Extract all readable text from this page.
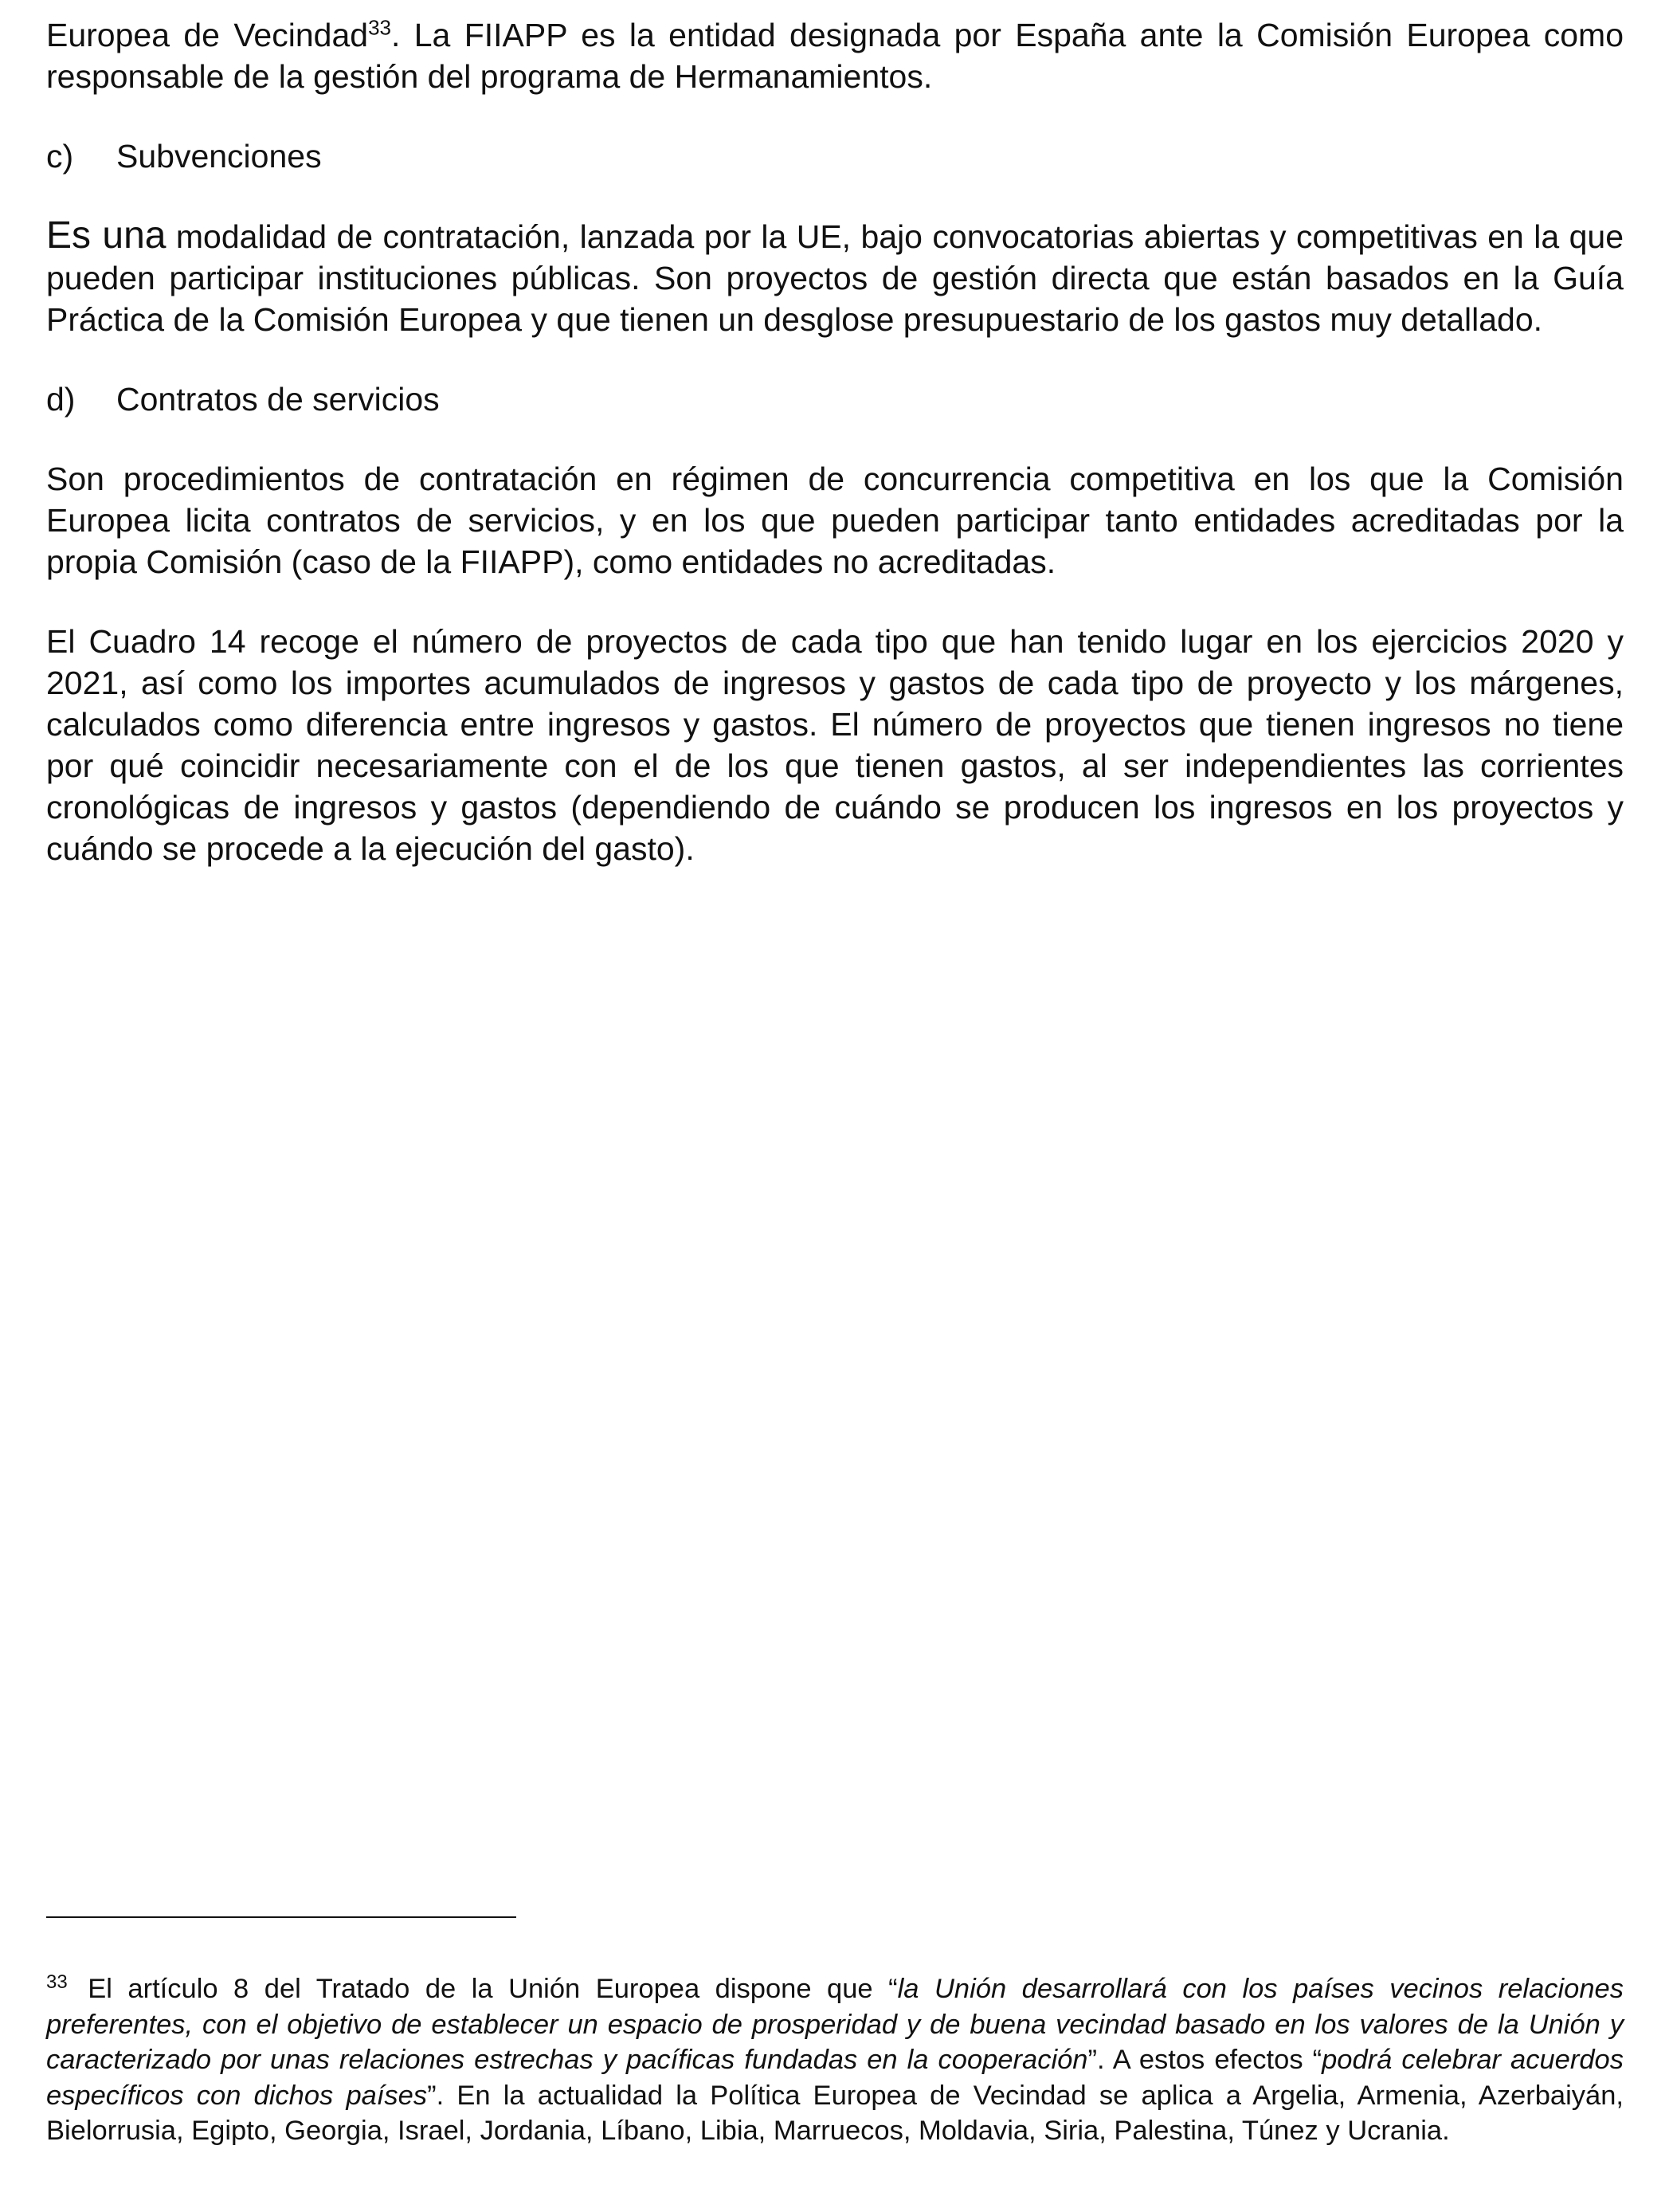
Europea de Vecindad$^{33}$. La FIIAPP es la entidad designada por España ante la Comisión Europea como responsable de la gestión del programa de Hermanamientos.

c)	Subvenciones

Es una modalidad de contratación, lanzada por la UE, bajo convocatorias abiertas y competitivas en la que pueden participar instituciones públicas. Son proyectos de gestión directa que están basados en la Guía Práctica de la Comisión Europea y que tienen un desglose presupuestario de los gastos muy detallado.

d)	Contratos de servicios

Son procedimientos de contratación en régimen de concurrencia competitiva en los que la Comisión Europea licita contratos de servicios, y en los que pueden participar tanto entidades acreditadas por la propia Comisión (caso de la FIIAPP), como entidades no acreditadas.

El Cuadro 14 recoge el número de proyectos de cada tipo que han tenido lugar en los ejercicios 2020 y 2021, así como los importes acumulados de ingresos y gastos de cada tipo de proyecto y los márgenes, calculados como diferencia entre ingresos y gastos. El número de proyectos que tienen ingresos no tiene por qué coincidir necesariamente con el de los que tienen gastos, al ser independientes las corrientes cronológicas de ingresos y gastos (dependiendo de cuándo se producen los ingresos en los proyectos y cuándo se procede a la ejecución del gasto).

$^{33}$ El artículo 8 del Tratado de la Unión Europea dispone que “la Unión desarrollará con los países vecinos relaciones preferentes, con el objetivo de establecer un espacio de prosperidad y de buena vecindad basado en los valores de la Unión y caracterizado por unas relaciones estrechas y pacíficas fundadas en la cooperación”. A estos efectos “podrá celebrar acuerdos específicos con dichos países”. En la actualidad la Política Europea de Vecindad se aplica a Argelia, Armenia, Azerbaiyán, Bielorrusia, Egipto, Georgia, Israel, Jordania, Líbano, Libia, Marruecos, Moldavia, Siria, Palestina, Túnez y Ucrania.
